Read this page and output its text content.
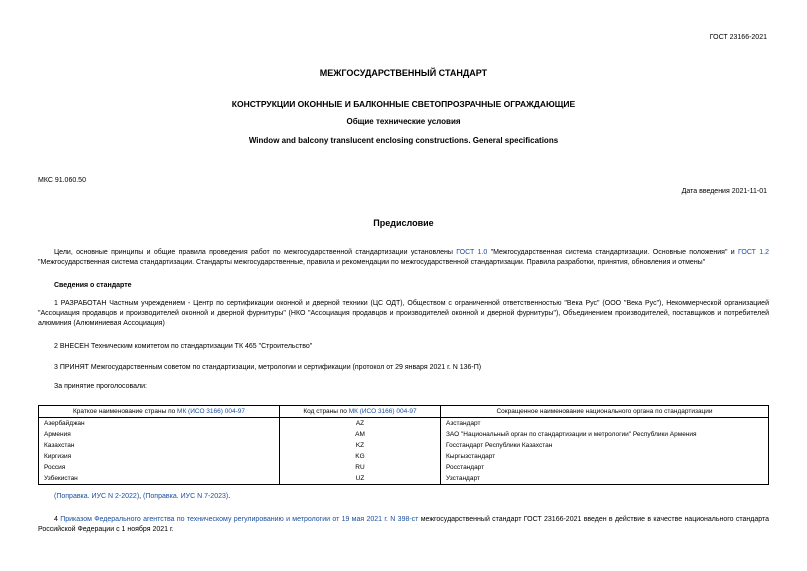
ГОСТ 23166-2021
МЕЖГОСУДАРСТВЕННЫЙ СТАНДАРТ
КОНСТРУКЦИИ ОКОННЫЕ И БАЛКОННЫЕ СВЕТОПРОЗРАЧНЫЕ ОГРАЖДАЮЩИЕ
Общие технические условия
Window and balcony translucent enclosing constructions. General specifications
МКС 91.060.50
Дата введения 2021-11-01
Предисловие
Цели, основные принципы и общие правила проведения работ по межгосударственной стандартизации установлены ГОСТ 1.0 "Межгосударственная система стандартизации. Основные положения" и ГОСТ 1.2 "Межгосударственная система стандартизации. Стандарты межгосударственные, правила и рекомендации по межгосударственной стандартизации. Правила разработки, принятия, обновления и отмены"
Сведения о стандарте
1 РАЗРАБОТАН Частным учреждением - Центр по сертификации оконной и дверной техники (ЦС ОДТ), Обществом с ограниченной ответственностью "Века Рус" (ООО "Века Рус"), Некоммерческой организацией "Ассоциация продавцов и производителей оконной и дверной фурнитуры" (НКО "Ассоциация продавцов и производителей оконной и дверной фурнитуры"), Объединением производителей, поставщиков и потребителей алюминия (Алюминиевая Ассоциация)
2 ВНЕСЕН Техническим комитетом по стандартизации ТК 465 "Строительство"
3 ПРИНЯТ Межгосударственным советом по стандартизации, метрологии и сертификации (протокол от 29 января 2021 г. N 136-П)
За принятие проголосовали:
Краткое наименование страны по МК (ИСО 3166) 004-97	Код страны по МК (ИСО 3166) 004-97	Сокращенное наименование национального органа по стандартизации
Азербайджан	AZ	Азстандарт
Армения	AM	ЗАО "Национальный орган по стандартизации и метрологии" Республики Армения
Казахстан	KZ	Госстандарт Республики Казахстан
Киргизия	KG	Кыргызстандарт
Россия	RU	Росстандарт
Узбекистан	UZ	Узстандарт
(Поправка. ИУС N 2-2022), (Поправка. ИУС N 7-2023).
4 Приказом Федерального агентства по техническому регулированию и метрологии от 19 мая 2021 г. N 398-ст межгосударственный стандарт ГОСТ 23166-2021 введен в действие в качестве национального стандарта Российской Федерации с 1 ноября 2021 г.
